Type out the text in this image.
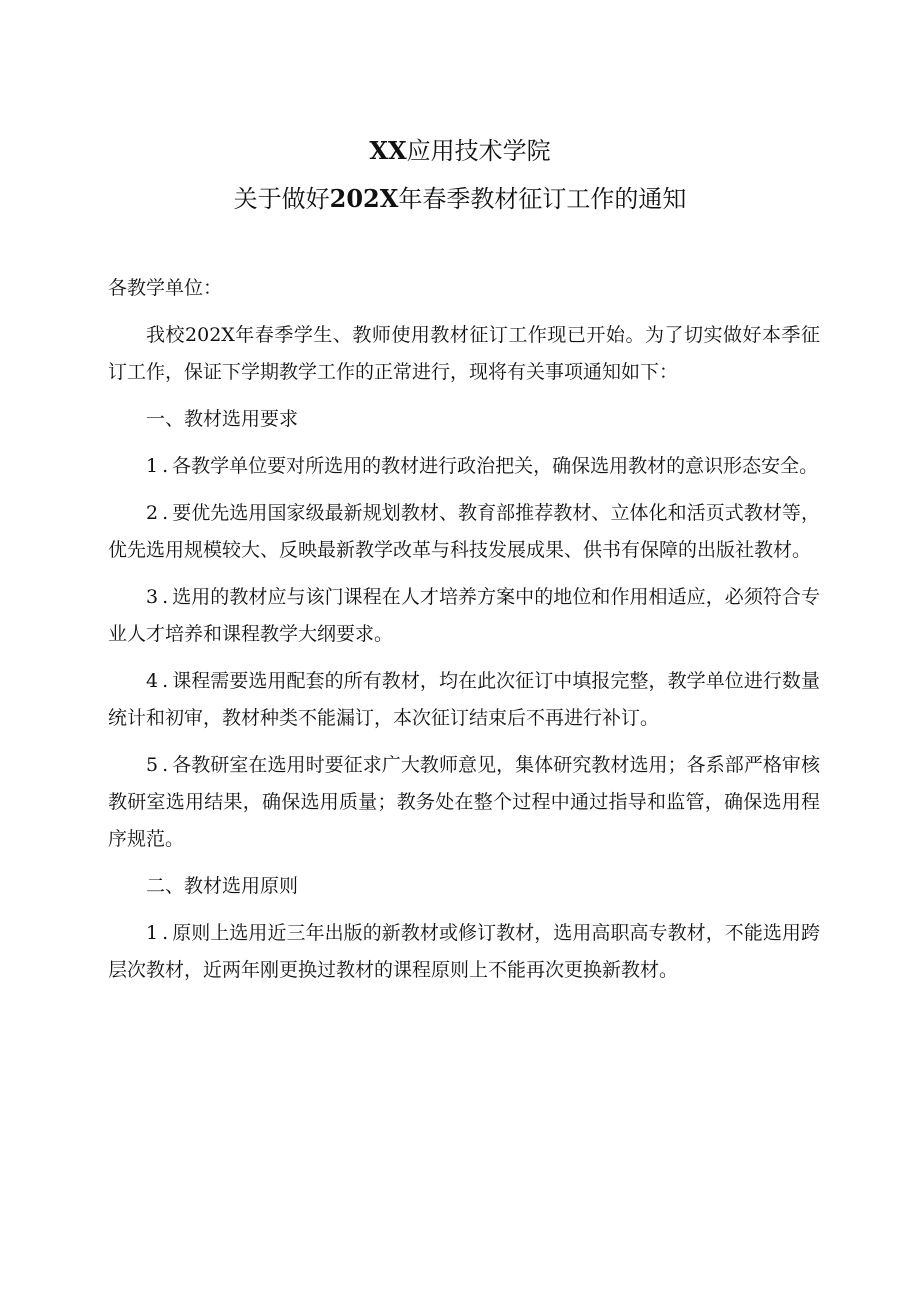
XX应用技术学院
关于做好202X年春季教材征订工作的通知

各教学单位：

我校202X年春季学生、教师使用教材征订工作现已开始。为了切实做好本季征订工作，保证下学期教学工作的正常进行，现将有关事项通知如下：

一、教材选用要求

1.各教学单位要对所选用的教材进行政治把关，确保选用教材的意识形态安全。

2.要优先选用国家级最新规划教材、教育部推荐教材、立体化和活页式教材等，优先选用规模较大、反映最新教学改革与科技发展成果、供书有保障的出版社教材。

3.选用的教材应与该门课程在人才培养方案中的地位和作用相适应，必须符合专业人才培养和课程教学大纲要求。

4.课程需要选用配套的所有教材，均在此次征订中填报完整，教学单位进行数量统计和初审，教材种类不能漏订，本次征订结束后不再进行补订。

5.各教研室在选用时要征求广大教师意见，集体研究教材选用；各系部严格审核教研室选用结果，确保选用质量；教务处在整个过程中通过指导和监管，确保选用程序规范。

二、教材选用原则

1.原则上选用近三年出版的新教材或修订教材，选用高职高专教材，不能选用跨层次教材，近两年刚更换过教材的课程原则上不能再次更换新教材。
